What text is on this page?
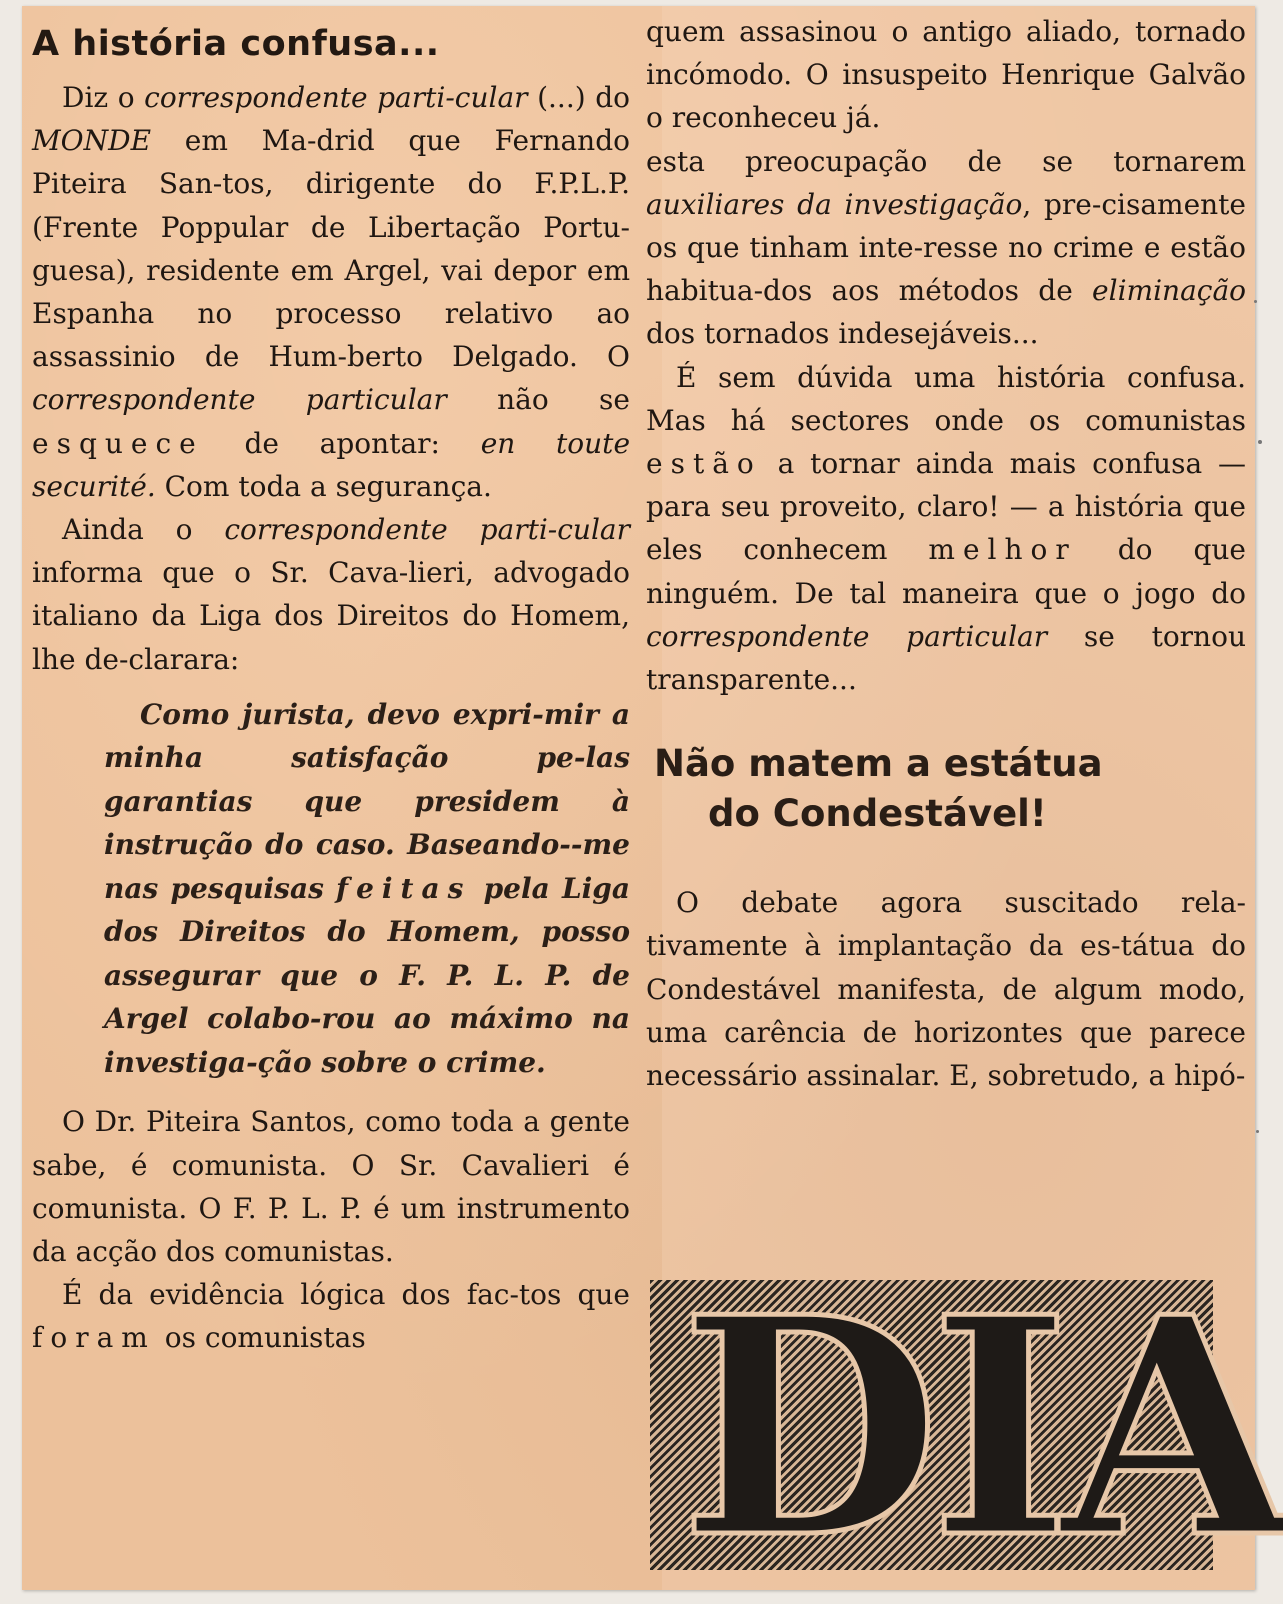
A história confusa...

Diz o correspondente parti-cular (...) do MONDE em Ma-drid que Fernando Piteira San-tos, dirigente do F.P.L.P. (Frente Poppular de Libertação Portu-guesa), residente em Argel, vai depor em Espanha no processo relativo ao assassinio de Hum-berto Delgado. O correspondente particular não se esquece de apontar: en toute securité. Com toda a segurança.

Ainda o correspondente parti-cular informa que o Sr. Cava-lieri, advogado italiano da Liga dos Direitos do Homem, lhe de-clarara:

Como jurista, devo expri-mir a minha satisfação pe-las garantias que presidem à instrução do caso. Baseando--me nas pesquisas feitas pela Liga dos Direitos do Homem, posso assegurar que o F. P. L. P. de Argel colabo-rou ao máximo na investiga-ção sobre o crime.

O Dr. Piteira Santos, como toda a gente sabe, é comunista. O Sr. Cavalieri é comunista. O F. P. L. P. é um instrumento da acção dos comunistas.

É da evidência lógica dos fac-tos que foram os comunistas

quem assasinou o antigo aliado, tornado incómodo. O insuspeito Henrique Galvão o reconheceu já.

esta preocupação de se tornarem auxiliares da investigação, pre-cisamente os que tinham inte-resse no crime e estão habitua-dos aos métodos de eliminação dos tornados indesejáveis...

É sem dúvida uma história confusa. Mas há sectores onde os comunistas estão a tornar ainda mais confusa — para seu proveito, claro! — a história que eles conhecem melhor do que ninguém. De tal maneira que o jogo do correspondente particular se tornou transparente...

Não matem a estátua
do Condestável!

O debate agora suscitado rela-tivamente à implantação da es-tátua do Condestável manifesta, de algum modo, uma carência de horizontes que parece necessário assinalar. E, sobretudo, a hipó-

DIA
